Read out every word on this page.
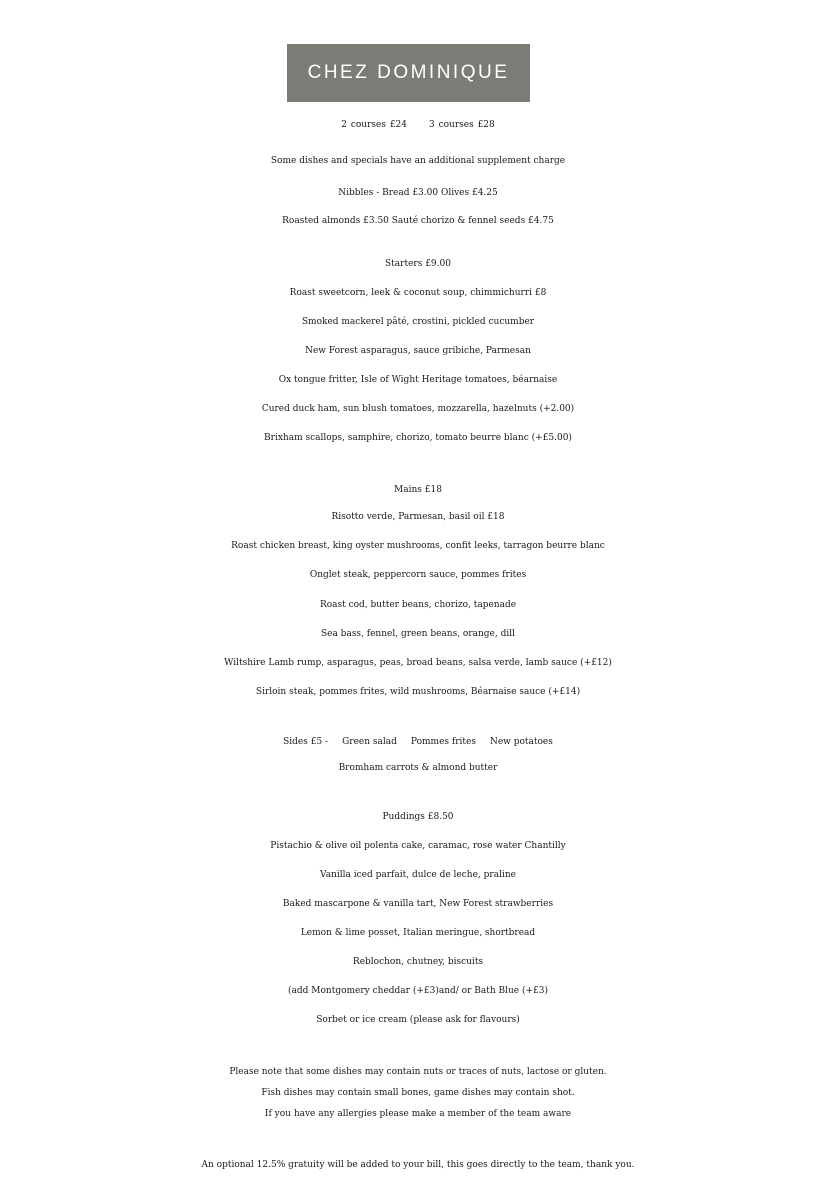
CHEZ DOMINIQUE
2 courses £24 3 courses £28
Some dishes and specials have an additional supplement charge
Nibbles - Bread £3.00 Olives £4.25
Roasted almonds £3.50 Sauté chorizo & fennel seeds £4.75
Starters £9.00
Roast sweetcorn, leek & coconut soup, chimmichurri £8
Smoked mackerel pâté, crostini, pickled cucumber
New Forest asparagus, sauce gribiche, Parmesan
Ox tongue fritter, Isle of Wight Heritage tomatoes, béarnaise
Cured duck ham, sun blush tomatoes, mozzarella, hazelnuts (+2.00)
Brixham scallops, samphire, chorizo, tomato beurre blanc (+£5.00)
Mains £18
Risotto verde, Parmesan, basil oil £18
Roast chicken breast, king oyster mushrooms, confit leeks, tarragon beurre blanc
Onglet steak, peppercorn sauce, pommes frites
Roast cod, butter beans, chorizo, tapenade
Sea bass, fennel, green beans, orange, dill
Wiltshire Lamb rump, asparagus, peas, broad beans, salsa verde, lamb sauce (+£12)
Sirloin steak, pommes frites, wild mushrooms, Béarnaise sauce (+£14)
Sides £5 - Green salad Pommes frites New potatoes
Bromham carrots & almond butter
Puddings £8.50
Pistachio & olive oil polenta cake, caramac, rose water Chantilly
Vanilla iced parfait, dulce de leche, praline
Baked mascarpone & vanilla tart, New Forest strawberries
Lemon & lime posset, Italian meringue, shortbread
Reblochon, chutney, biscuits
(add Montgomery cheddar (+£3)and/ or Bath Blue (+£3)
Sorbet or ice cream (please ask for flavours)
Please note that some dishes may contain nuts or traces of nuts, lactose or gluten.
Fish dishes may contain small bones, game dishes may contain shot.
If you have any allergies please make a member of the team aware
An optional 12.5% gratuity will be added to your bill, this goes directly to the team, thank you.
